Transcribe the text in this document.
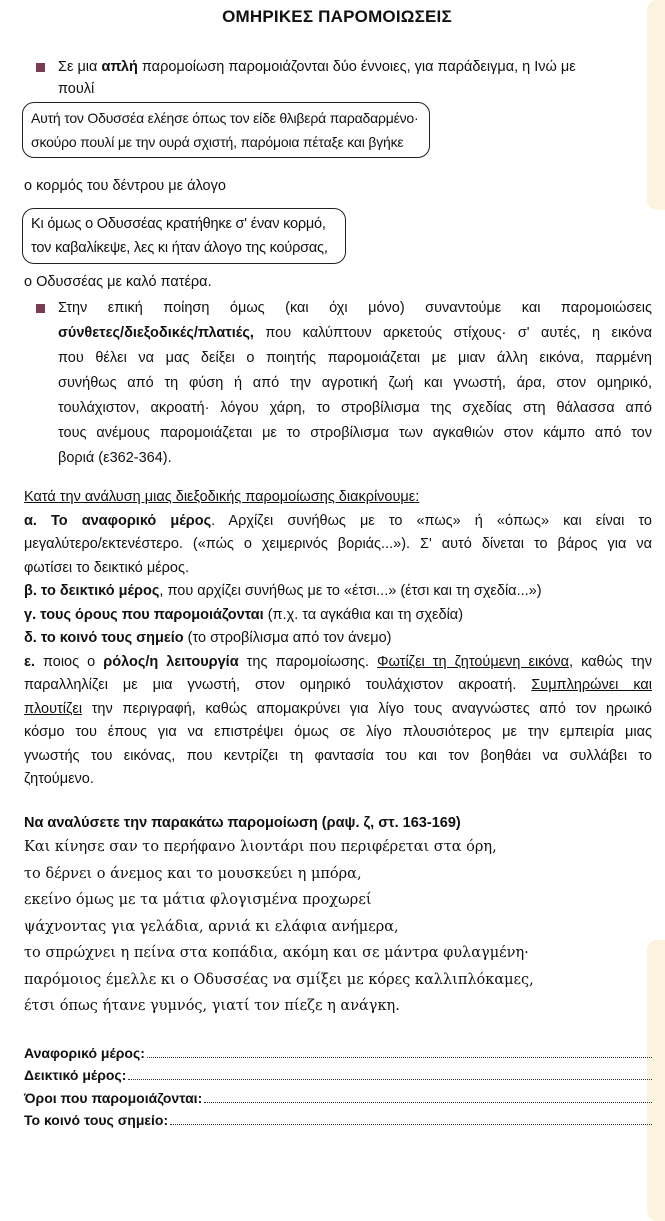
ΟΜΗΡΙΚΕΣ ΠΑΡΟΜΟΙΩΣΕΙΣ
Σε μια απλή παρομοίωση παρομοιάζονται δύο έννοιες, για παράδειγμα, η Ινώ με
πουλί
Αυτή τον Οδυσσέα ελέησε όπως τον είδε θλιβερά παραδαρμένο·
σκούρο πουλί με την ουρά σχιστή, παρόμοια πέταξε και βγήκε
ο κορμός του δέντρου με άλογο
Κι όμως ο Οδυσσέας κρατήθηκε σ' έναν κορμό,
τον καβαλίκεψε, λες κι ήταν άλογο της κούρσας,
ο Οδυσσέας με καλό πατέρα.
Στην επική ποίηση όμως (και όχι μόνο) συναντούμε και παρομοιώσεις
σύνθετες/διεξοδικές/πλατιές, που καλύπτουν αρκετούς στίχους· σ' αυτές, η εικόνα
που θέλει να μας δείξει ο ποιητής παρομοιάζεται με μιαν άλλη εικόνα, παρμένη
συνήθως από τη φύση ή από την αγροτική ζωή και γνωστή, άρα, στον ομηρικό,
τουλάχιστον, ακροατή· λόγου χάρη, το στροβίλισμα της σχεδίας στη θάλασσα από
τους ανέμους παρομοιάζεται με το στροβίλισμα των αγκαθιών στον κάμπο από τον
βοριά (ε362-364).
Κατά την ανάλυση μιας διεξοδικής παρομοίωσης διακρίνουμε:
α. Το αναφορικό μέρος. Αρχίζει συνήθως με το «πως» ή «όπως» και είναι το
μεγαλύτερο/εκτενέστερο. («πώς ο χειμερινός βοριάς...»). Σ' αυτό δίνεται το βάρος για να
φωτίσει το δεικτικό μέρος.
β. το δεικτικό μέρος, που αρχίζει συνήθως με το «έτσι...» (έτσι και τη σχεδία...»)
γ. τους όρους που παρομοιάζονται (π.χ. τα αγκάθια και τη σχεδία)
δ. το κοινό τους σημείο (το στροβίλισμα από τον άνεμο)
ε. ποιος ο ρόλος/η λειτουργία της παρομοίωσης. Φωτίζει τη ζητούμενη εικόνα, καθώς την
παραλληλίζει με μια γνωστή, στον ομηρικό τουλάχιστον ακροατή. Συμπληρώνει και
πλουτίζει την περιγραφή, καθώς απομακρύνει για λίγο τους αναγνώστες από τον ηρωικό
κόσμο του έπους για να επιστρέψει όμως σε λίγο πλουσιότερος με την εμπειρία μιας
γνωστής του εικόνας, που κεντρίζει τη φαντασία του και τον βοηθάει να συλλάβει το
ζητούμενο.
Να αναλύσετε την παρακάτω παρομοίωση (ραψ. ζ, στ. 163-169)
Και κίνησε σαν το περήφανο λιοντάρι που περιφέρεται στα όρη,
το δέρνει ο άνεμος και το μουσκεύει η μπόρα,
εκείνο όμως με τα μάτια φλογισμένα προχωρεί
ψάχνοντας για γελάδια, αρνιά κι ελάφια ανήμερα,
το σπρώχνει η πείνα στα κοπάδια, ακόμη και σε μάντρα φυλαγμένη·
παρόμοιος έμελλε κι ο Οδυσσέας να σμίξει με κόρες καλλιπλόκαμες,
έτσι όπως ήτανε γυμνός, γιατί τον πίεζε η ανάγκη.
Αναφορικό μέρος:
Δεικτικό μέρος:
Όροι που παρομοιάζονται:
Το κοινό τους σημείο:
